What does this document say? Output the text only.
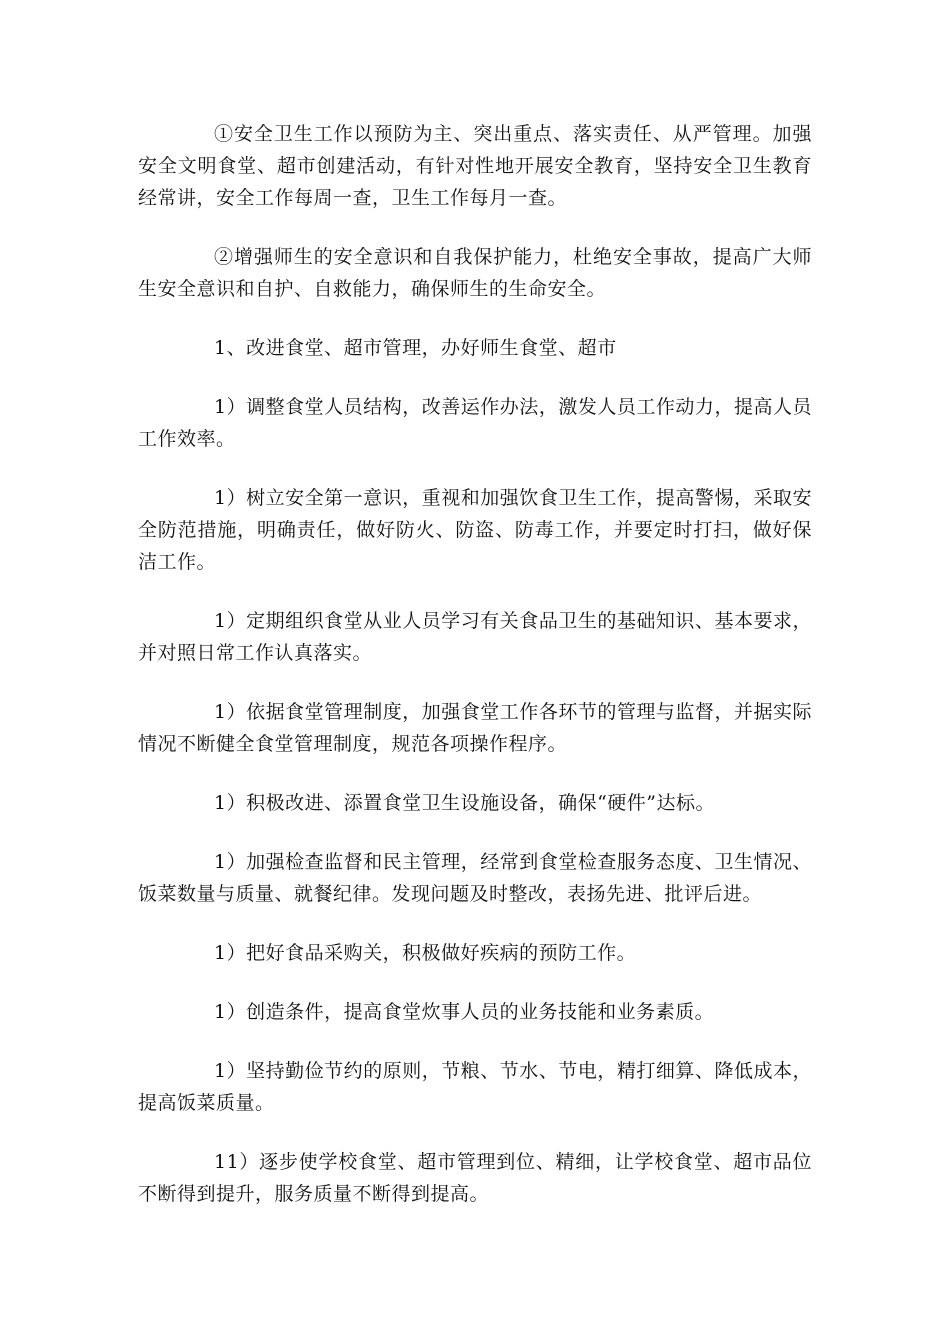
①安全卫生工作以预防为主、突出重点、落实责任、从严管理。加强安全文明食堂、超市创建活动，有针对性地开展安全教育，坚持安全卫生教育经常讲，安全工作每周一查，卫生工作每月一查。

②增强师生的安全意识和自我保护能力，杜绝安全事故，提高广大师生安全意识和自护、自救能力，确保师生的生命安全。

1、改进食堂、超市管理，办好师生食堂、超市

1）调整食堂人员结构，改善运作办法，激发人员工作动力，提高人员工作效率。

1）树立安全第一意识，重视和加强饮食卫生工作，提高警惕，采取安全防范措施，明确责任，做好防火、防盗、防毒工作，并要定时打扫，做好保洁工作。

1）定期组织食堂从业人员学习有关食品卫生的基础知识、基本要求，并对照日常工作认真落实。

1）依据食堂管理制度，加强食堂工作各环节的管理与监督，并据实际情况不断健全食堂管理制度，规范各项操作程序。

1）积极改进、添置食堂卫生设施设备，确保“硬件”达标。

1）加强检查监督和民主管理，经常到食堂检查服务态度、卫生情况、饭菜数量与质量、就餐纪律。发现问题及时整改，表扬先进、批评后进。

1）把好食品采购关，积极做好疾病的预防工作。

1）创造条件，提高食堂炊事人员的业务技能和业务素质。

1）坚持勤俭节约的原则，节粮、节水、节电，精打细算、降低成本，提高饭菜质量。

11）逐步使学校食堂、超市管理到位、精细，让学校食堂、超市品位不断得到提升，服务质量不断得到提高。
